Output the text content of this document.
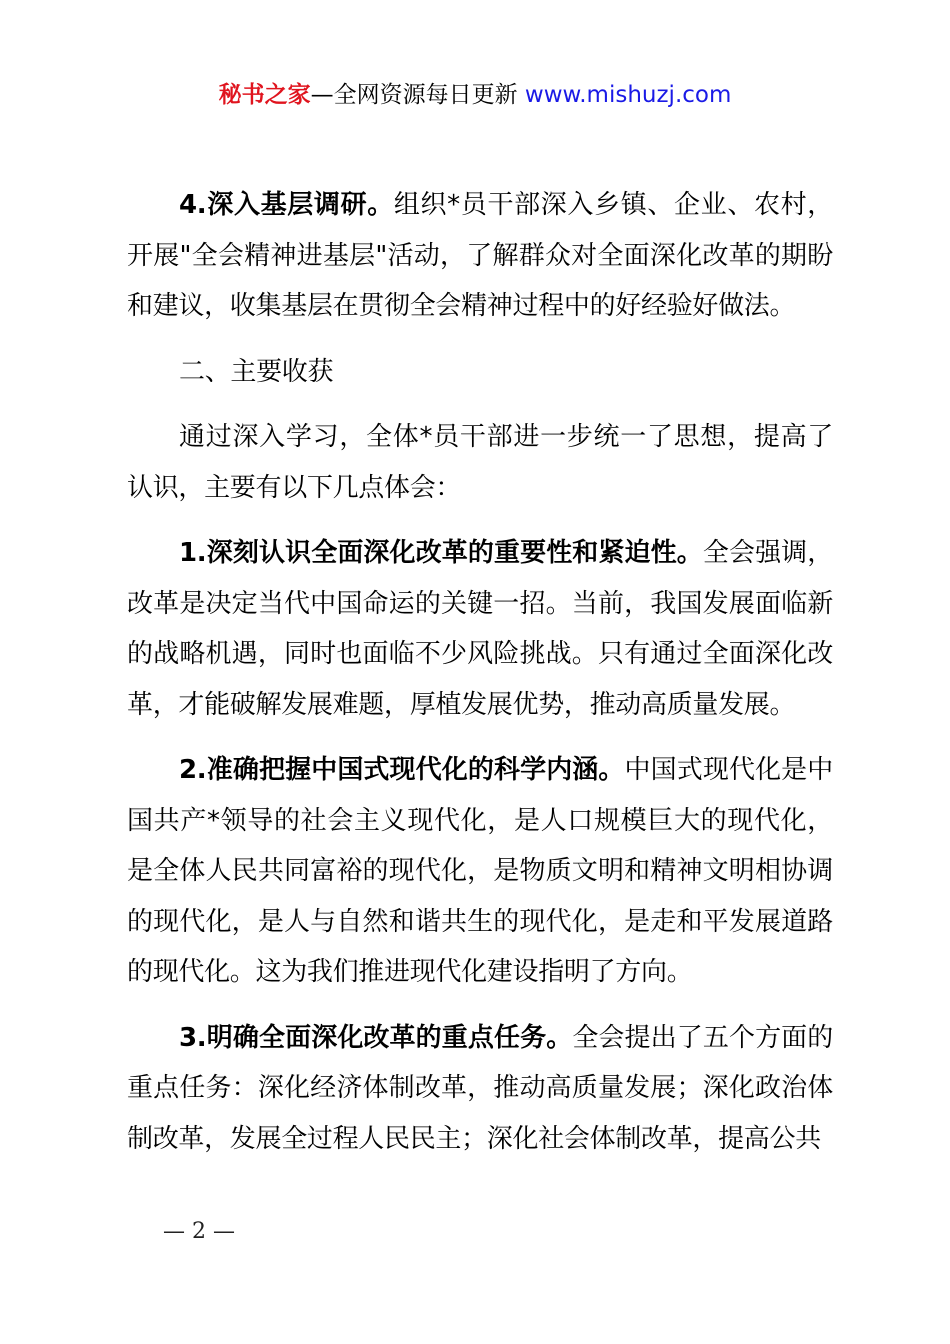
秘书之家—全网资源每日更新 www.mishuzj.com

4.深入基层调研。组织*员干部深入乡镇、企业、农村，开展"全会精神进基层"活动，了解群众对全面深化改革的期盼和建议，收集基层在贯彻全会精神过程中的好经验好做法。

二、主要收获

通过深入学习，全体*员干部进一步统一了思想，提高了认识，主要有以下几点体会：

1.深刻认识全面深化改革的重要性和紧迫性。全会强调，改革是决定当代中国命运的关键一招。当前，我国发展面临新的战略机遇，同时也面临不少风险挑战。只有通过全面深化改革，才能破解发展难题，厚植发展优势，推动高质量发展。

2.准确把握中国式现代化的科学内涵。中国式现代化是中国共产*领导的社会主义现代化，是人口规模巨大的现代化，是全体人民共同富裕的现代化，是物质文明和精神文明相协调的现代化，是人与自然和谐共生的现代化，是走和平发展道路的现代化。这为我们推进现代化建设指明了方向。

3.明确全面深化改革的重点任务。全会提出了五个方面的重点任务：深化经济体制改革，推动高质量发展；深化政治体制改革，发展全过程人民民主；深化社会体制改革，提高公共

— 2 —
